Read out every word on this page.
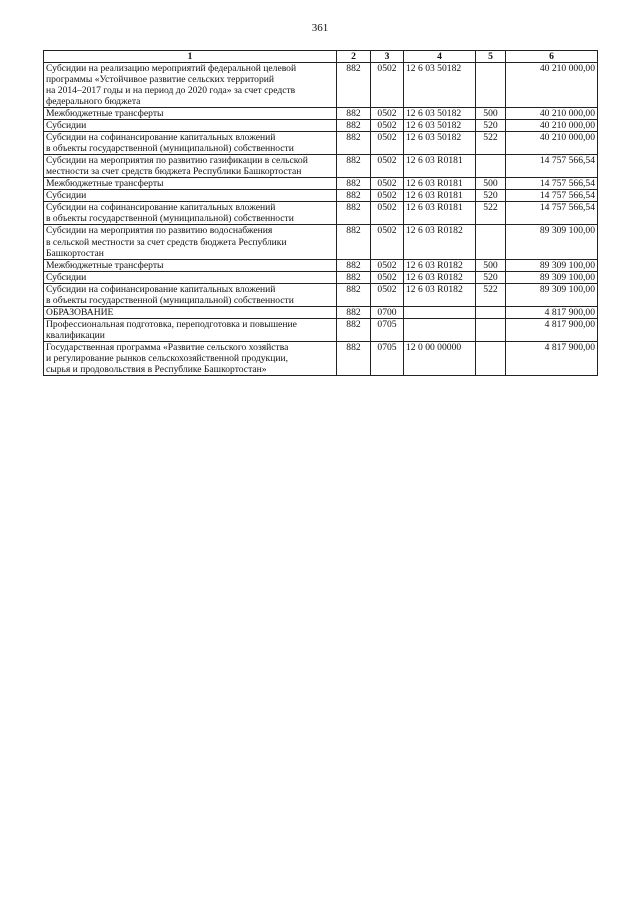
361
1	2	3	4	5	6
Субсидии на реализацию мероприятий федеральной целевой
программы «Устойчивое развитие сельских территорий
на 2014–2017 годы и на период до 2020 года» за счет средств
федерального бюджета	882	0502	12 6 03 50182		40 210 000,00
Межбюджетные трансферты	882	0502	12 6 03 50182	500	40 210 000,00
Субсидии	882	0502	12 6 03 50182	520	40 210 000,00
Субсидии на софинансирование капитальных вложений
в объекты государственной (муниципальной) собственности	882	0502	12 6 03 50182	522	40 210 000,00
Субсидии на мероприятия по развитию газификации в сельской
местности за счет средств бюджета Республики Башкортостан	882	0502	12 6 03 R0181		14 757 566,54
Межбюджетные трансферты	882	0502	12 6 03 R0181	500	14 757 566,54
Субсидии	882	0502	12 6 03 R0181	520	14 757 566,54
Субсидии на софинансирование капитальных вложений
в объекты государственной (муниципальной) собственности	882	0502	12 6 03 R0181	522	14 757 566,54
Субсидии на мероприятия по развитию водоснабжения
в сельской местности за счет средств бюджета Республики
Башкортостан	882	0502	12 6 03 R0182		89 309 100,00
Межбюджетные трансферты	882	0502	12 6 03 R0182	500	89 309 100,00
Субсидии	882	0502	12 6 03 R0182	520	89 309 100,00
Субсидии на софинансирование капитальных вложений
в объекты государственной (муниципальной) собственности	882	0502	12 6 03 R0182	522	89 309 100,00
ОБРАЗОВАНИЕ	882	0700			4 817 900,00
Профессиональная подготовка, переподготовка и повышение
квалификации	882	0705			4 817 900,00
Государственная программа «Развитие сельского хозяйства
и регулирование рынков сельскохозяйственной продукции,
сырья и продовольствия в Республике Башкортостан»	882	0705	12 0 00 00000		4 817 900,00
